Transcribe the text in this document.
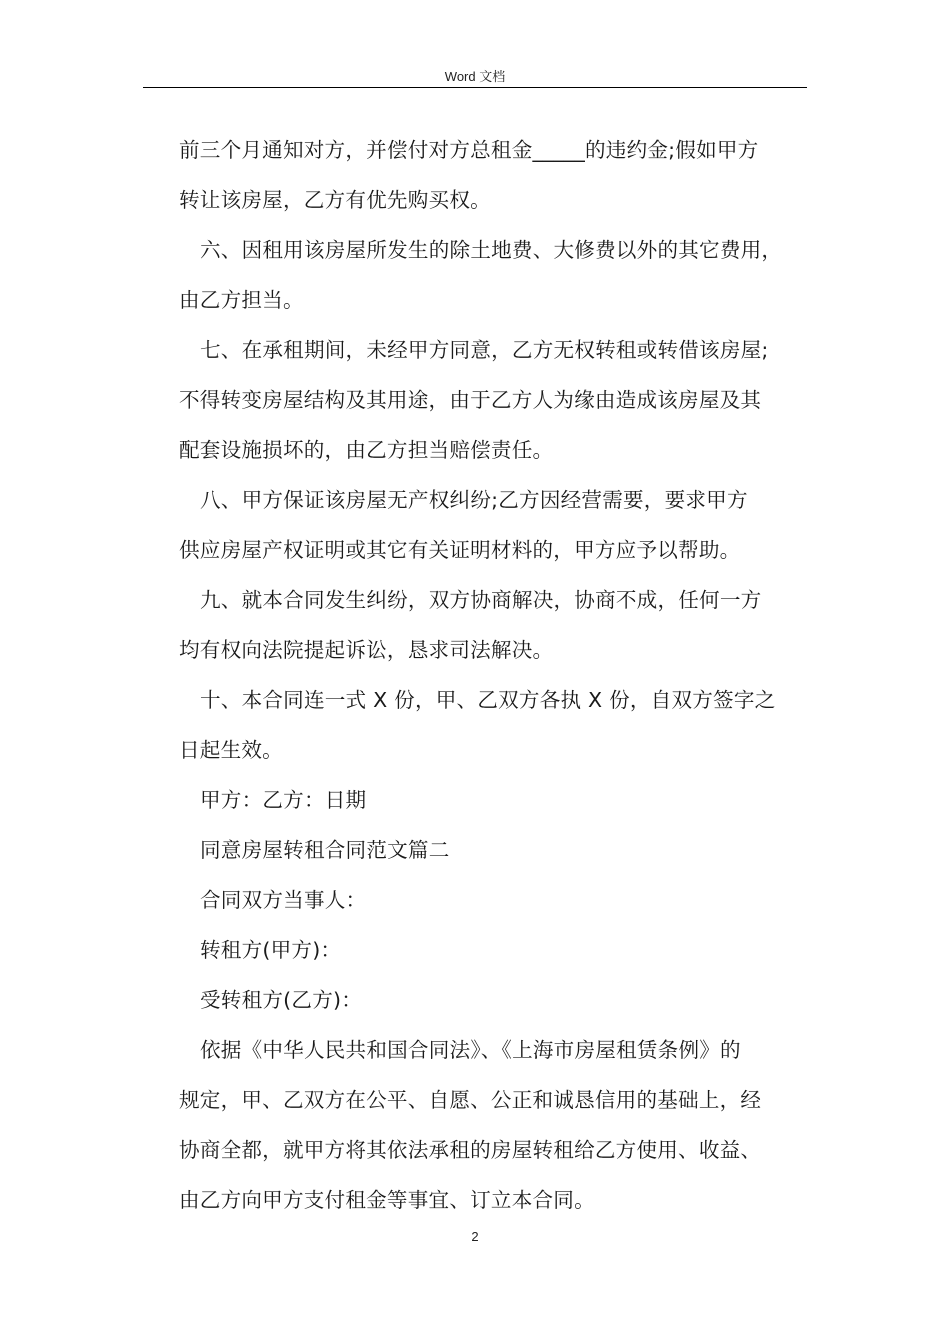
Word 文档
前三个月通知对方，并偿付对方总租金_____的违约金;假如甲方
转让该房屋，乙方有优先购买权。
六、因租用该房屋所发生的除土地费、大修费以外的其它费用，
由乙方担当。
七、在承租期间，未经甲方同意，乙方无权转租或转借该房屋;
不得转变房屋结构及其用途，由于乙方人为缘由造成该房屋及其
配套设施损坏的，由乙方担当赔偿责任。
八、甲方保证该房屋无产权纠纷;乙方因经营需要，要求甲方
供应房屋产权证明或其它有关证明材料的，甲方应予以帮助。
九、就本合同发生纠纷，双方协商解决，协商不成，任何一方
均有权向法院提起诉讼，恳求司法解决。
十、本合同连一式 X 份，甲、乙双方各执 X 份，自双方签字之
日起生效。
甲方：乙方：日期
同意房屋转租合同范文篇二
合同双方当事人：
转租方(甲方)：
受转租方(乙方)：
依据《中华人民共和国合同法》、《上海市房屋租赁条例》的
规定，甲、乙双方在公平、自愿、公正和诚恳信用的基础上，经
协商全都，就甲方将其依法承租的房屋转租给乙方使用、收益、
由乙方向甲方支付租金等事宜、订立本合同。
2
